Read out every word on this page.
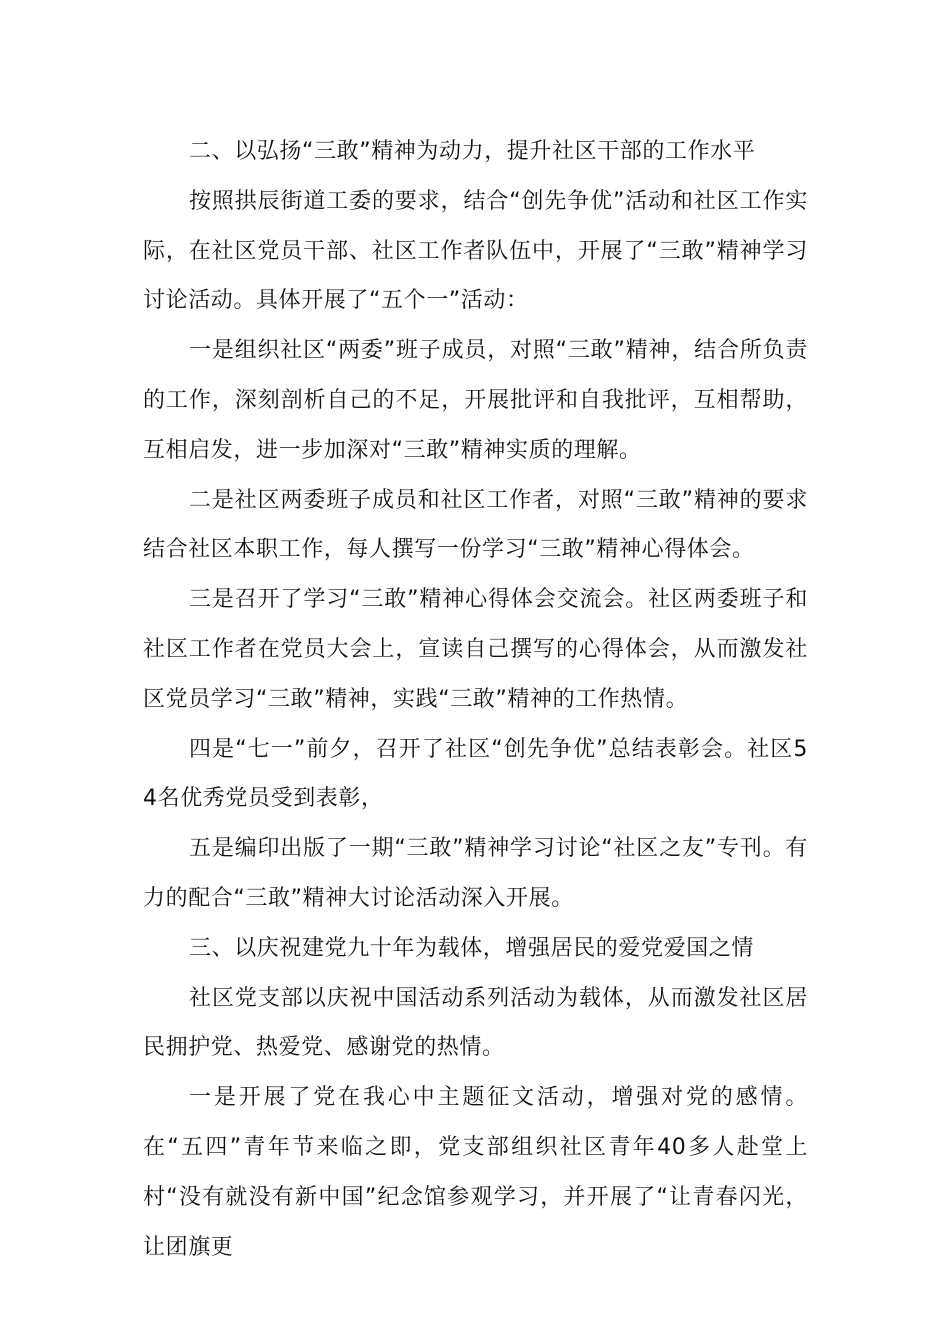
二、以弘扬“三敢”精神为动力，提升社区干部的工作水平

按照拱辰街道工委的要求，结合“创先争优”活动和社区工作实际，在社区党员干部、社区工作者队伍中，开展了“三敢”精神学习讨论活动。具体开展了“五个一”活动：

一是组织社区“两委”班子成员，对照“三敢”精神，结合所负责的工作，深刻剖析自己的不足，开展批评和自我批评，互相帮助，互相启发，进一步加深对“三敢”精神实质的理解。

二是社区两委班子成员和社区工作者，对照“三敢”精神的要求结合社区本职工作，每人撰写一份学习“三敢”精神心得体会。

三是召开了学习“三敢”精神心得体会交流会。社区两委班子和社区工作者在党员大会上，宣读自己撰写的心得体会，从而激发社区党员学习“三敢”精神，实践“三敢”精神的工作热情。

四是“七一”前夕，召开了社区“创先争优”总结表彰会。社区54名优秀党员受到表彰，

五是编印出版了一期“三敢”精神学习讨论“社区之友”专刊。有力的配合“三敢”精神大讨论活动深入开展。

三、以庆祝建党九十年为载体，增强居民的爱党爱国之情

社区党支部以庆祝中国活动系列活动为载体，从而激发社区居民拥护党、热爱党、感谢党的热情。

一是开展了党在我心中主题征文活动，增强对党的感情。在“五四”青年节来临之即，党支部组织社区青年40多人赴堂上村“没有就没有新中国”纪念馆参观学习，并开展了“让青春闪光，让团旗更
